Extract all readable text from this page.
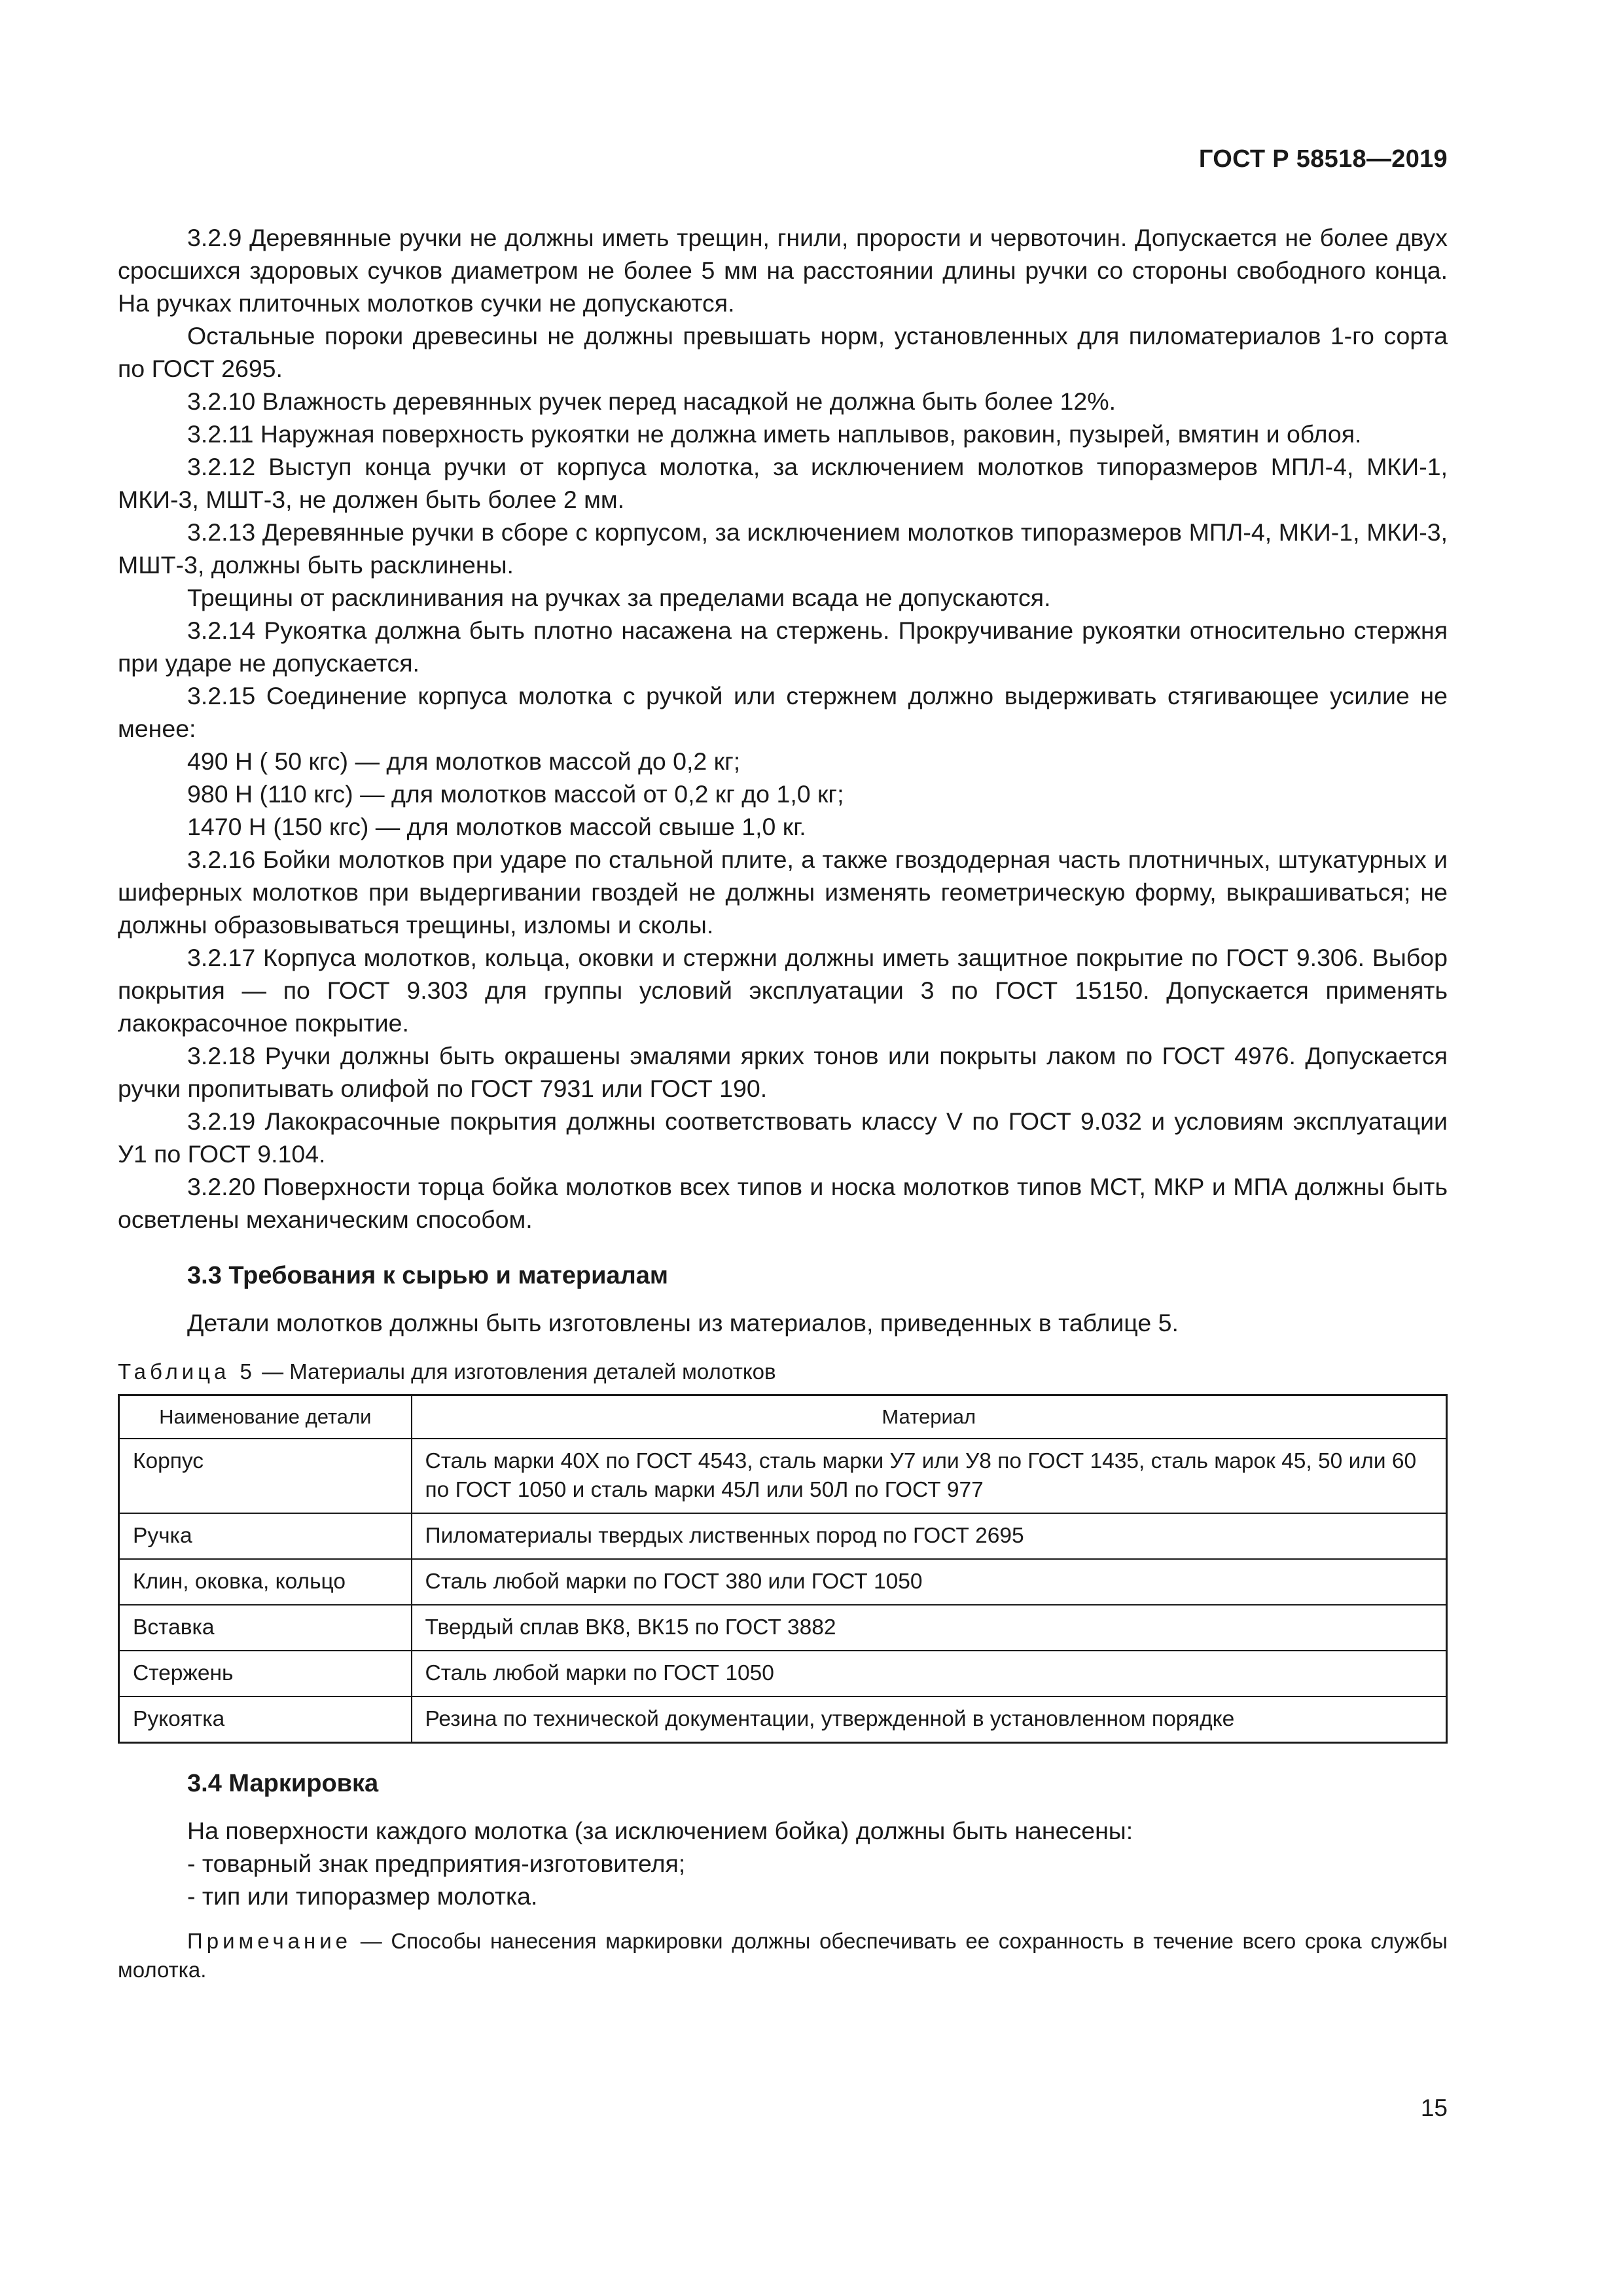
ГОСТ Р 58518—2019

3.2.9 Деревянные ручки не должны иметь трещин, гнили, прорости и червоточин. Допускается не более двух сросшихся здоровых сучков диаметром не более 5 мм на расстоянии длины ручки со стороны свободного конца. На ручках плиточных молотков сучки не допускаются.

Остальные пороки древесины не должны превышать норм, установленных для пиломатериалов 1-го сорта по ГОСТ 2695.

3.2.10 Влажность деревянных ручек перед насадкой не должна быть более 12%.

3.2.11 Наружная поверхность рукоятки не должна иметь наплывов, раковин, пузырей, вмятин и облоя.

3.2.12 Выступ конца ручки от корпуса молотка, за исключением молотков типоразмеров МПЛ-4, МКИ-1, МКИ-3, МШТ-3, не должен быть более 2 мм.

3.2.13 Деревянные ручки в сборе с корпусом, за исключением молотков типоразмеров МПЛ-4, МКИ-1, МКИ-3, МШТ-3, должны быть расклинены.

Трещины от расклинивания на ручках за пределами всада не допускаются.

3.2.14 Рукоятка должна быть плотно насажена на стержень. Прокручивание рукоятки относительно стержня при ударе не допускается.

3.2.15 Соединение корпуса молотка с ручкой или стержнем должно выдерживать стягивающее усилие не менее:

490 Н ( 50 кгс) — для молотков массой до 0,2 кг;

980 Н (110 кгс) — для молотков массой от 0,2 кг до 1,0 кг;

1470 Н (150 кгс) — для молотков массой свыше 1,0 кг.

3.2.16 Бойки молотков при ударе по стальной плите, а также гвоздодерная часть плотничных, штукатурных и шиферных молотков при выдергивании гвоздей не должны изменять геометрическую форму, выкрашиваться; не должны образовываться трещины, изломы и сколы.

3.2.17 Корпуса молотков, кольца, оковки и стержни должны иметь защитное покрытие по ГОСТ 9.306. Выбор покрытия — по ГОСТ 9.303 для группы условий эксплуатации 3 по ГОСТ 15150. Допускается применять лакокрасочное покрытие.

3.2.18 Ручки должны быть окрашены эмалями ярких тонов или покрыты лаком по ГОСТ 4976. Допускается ручки пропитывать олифой по ГОСТ 7931 или ГОСТ 190.

3.2.19 Лакокрасочные покрытия должны соответствовать классу V по ГОСТ 9.032 и условиям эксплуатации У1 по ГОСТ 9.104.

3.2.20 Поверхности торца бойка молотков всех типов и носка молотков типов МСТ, МКР и МПА должны быть осветлены механическим способом.

3.3 Требования к сырью и материалам

Детали молотков должны быть изготовлены из материалов, приведенных в таблице 5.

Таблица 5 — Материалы для изготовления деталей молотков
Наименование детали	Материал
Корпус	Сталь марки 40Х по ГОСТ 4543, сталь марки У7 или У8 по ГОСТ 1435, сталь марок 45, 50 или 60 по ГОСТ 1050 и сталь марки 45Л или 50Л по ГОСТ 977
Ручка	Пиломатериалы твердых лиственных пород по ГОСТ 2695
Клин, оковка, кольцо	Сталь любой марки по ГОСТ 380 или ГОСТ 1050
Вставка	Твердый сплав ВК8, ВК15 по ГОСТ 3882
Стержень	Сталь любой марки по ГОСТ 1050
Рукоятка	Резина по технической документации, утвержденной в установленном порядке
3.4 Маркировка

На поверхности каждого молотка (за исключением бойка) должны быть нанесены:

- товарный знак предприятия-изготовителя;
- тип или типоразмер молотка.
Примечание — Способы нанесения маркировки должны обеспечивать ее сохранность в течение всего срока службы молотка.
15
